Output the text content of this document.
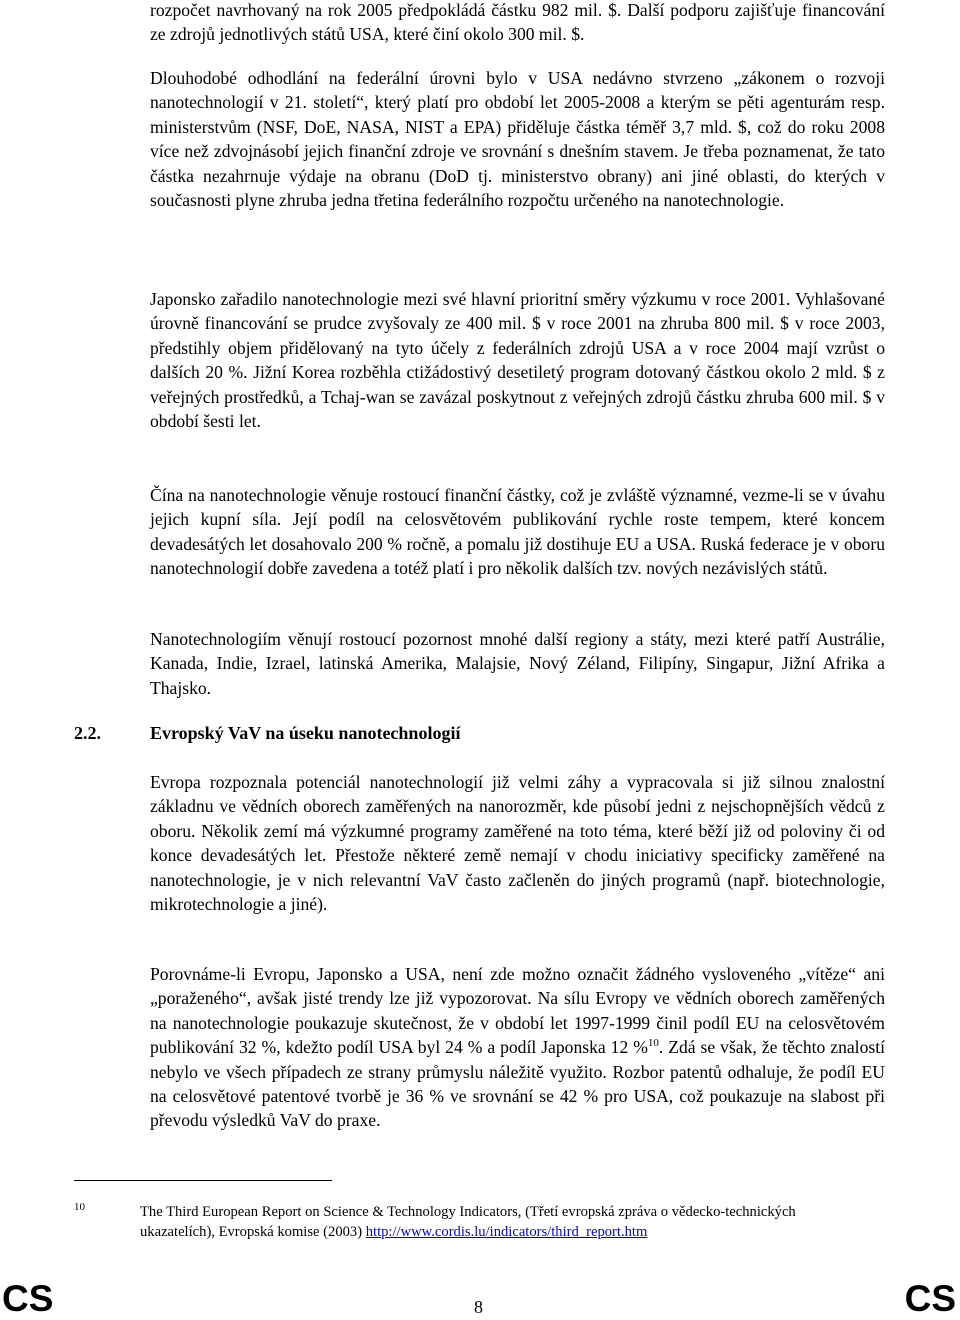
rozpočet navrhovaný na rok 2005 předpokládá částku 982 mil. $. Další podporu zajišťuje financování ze zdrojů jednotlivých států USA, které činí okolo 300 mil. $.

Dlouhodobé odhodlání na federální úrovni bylo v USA nedávno stvrzeno „zákonem o rozvoji nanotechnologií v 21. století“, který platí pro období let 2005-2008 a kterým se pěti agenturám resp. ministerstvům (NSF, DoE, NASA, NIST a EPA) přiděluje částka téměř 3,7 mld. $, což do roku 2008 více než zdvojnásobí jejich finanční zdroje ve srovnání s dnešním stavem. Je třeba poznamenat, že tato částka nezahrnuje výdaje na obranu (DoD tj. ministerstvo obrany) ani jiné oblasti, do kterých v současnosti plyne zhruba jedna třetina federálního rozpočtu určeného na nanotechnologie.

Japonsko zařadilo nanotechnologie mezi své hlavní prioritní směry výzkumu v roce 2001. Vyhlašované úrovně financování se prudce zvyšovaly ze 400 mil. $ v roce 2001 na zhruba 800 mil. $ v roce 2003, předstihly objem přidělovaný na tyto účely z federálních zdrojů USA a v roce 2004 mají vzrůst o dalších 20 %. Jižní Korea rozběhla ctižádostivý desetiletý program dotovaný částkou okolo 2 mld. $ z veřejných prostředků, a Tchaj-wan se zavázal poskytnout z veřejných zdrojů částku zhruba 600 mil. $ v období šesti let.

Čína na nanotechnologie věnuje rostoucí finanční částky, což je zvláště významné, vezme-li se v úvahu jejich kupní síla. Její podíl na celosvětovém publikování rychle roste tempem, které koncem devadesátých let dosahovalo 200 % ročně, a pomalu již dostihuje EU a USA. Ruská federace je v oboru nanotechnologií dobře zavedena a totéž platí i pro několik dalších tzv. nových nezávislých států.

Nanotechnologiím věnují rostoucí pozornost mnohé další regiony a státy, mezi které patří Austrálie, Kanada, Indie, Izrael, latinská Amerika, Malajsie, Nový Zéland, Filipíny, Singapur, Jižní Afrika a Thajsko.

2.2.	Evropský VaV na úseku nanotechnologií

Evropa rozpoznala potenciál nanotechnologií již velmi záhy a vypracovala si již silnou znalostní základnu ve vědních oborech zaměřených na nanorozměr, kde působí jedni z nejschopnějších vědců z oboru. Několik zemí má výzkumné programy zaměřené na toto téma, které běží již od poloviny či od konce devadesátých let. Přestože některé země nemají v chodu iniciativy specificky zaměřené na nanotechnologie, je v nich relevantní VaV často začleněn do jiných programů (např. biotechnologie, mikrotechnologie a jiné).

Porovnáme-li Evropu, Japonsko a USA, není zde možno označit žádného vysloveného „vítěze“ ani „poraženého“, avšak jisté trendy lze již vypozorovat. Na sílu Evropy ve vědních oborech zaměřených na nanotechnologie poukazuje skutečnost, že v období let 1997-1999 činil podíl EU na celosvětovém publikování 32 %, kdežto podíl USA byl 24 % a podíl Japonska 12 %$^{10}$. Zdá se však, že těchto znalostí nebylo ve všech případech ze strany průmyslu náležitě využito. Rozbor patentů odhaluje, že podíl EU na celosvětové patentové tvorbě je 36 % ve srovnání se 42 % pro USA, což poukazuje na slabost při převodu výsledků VaV do praxe.

10	The Third European Report on Science & Technology Indicators, (Třetí evropská zpráva o vědecko-technických ukazatelích), Evropská komise (2003) http://www.cordis.lu/indicators/third_report.htm

CS	8	CS
